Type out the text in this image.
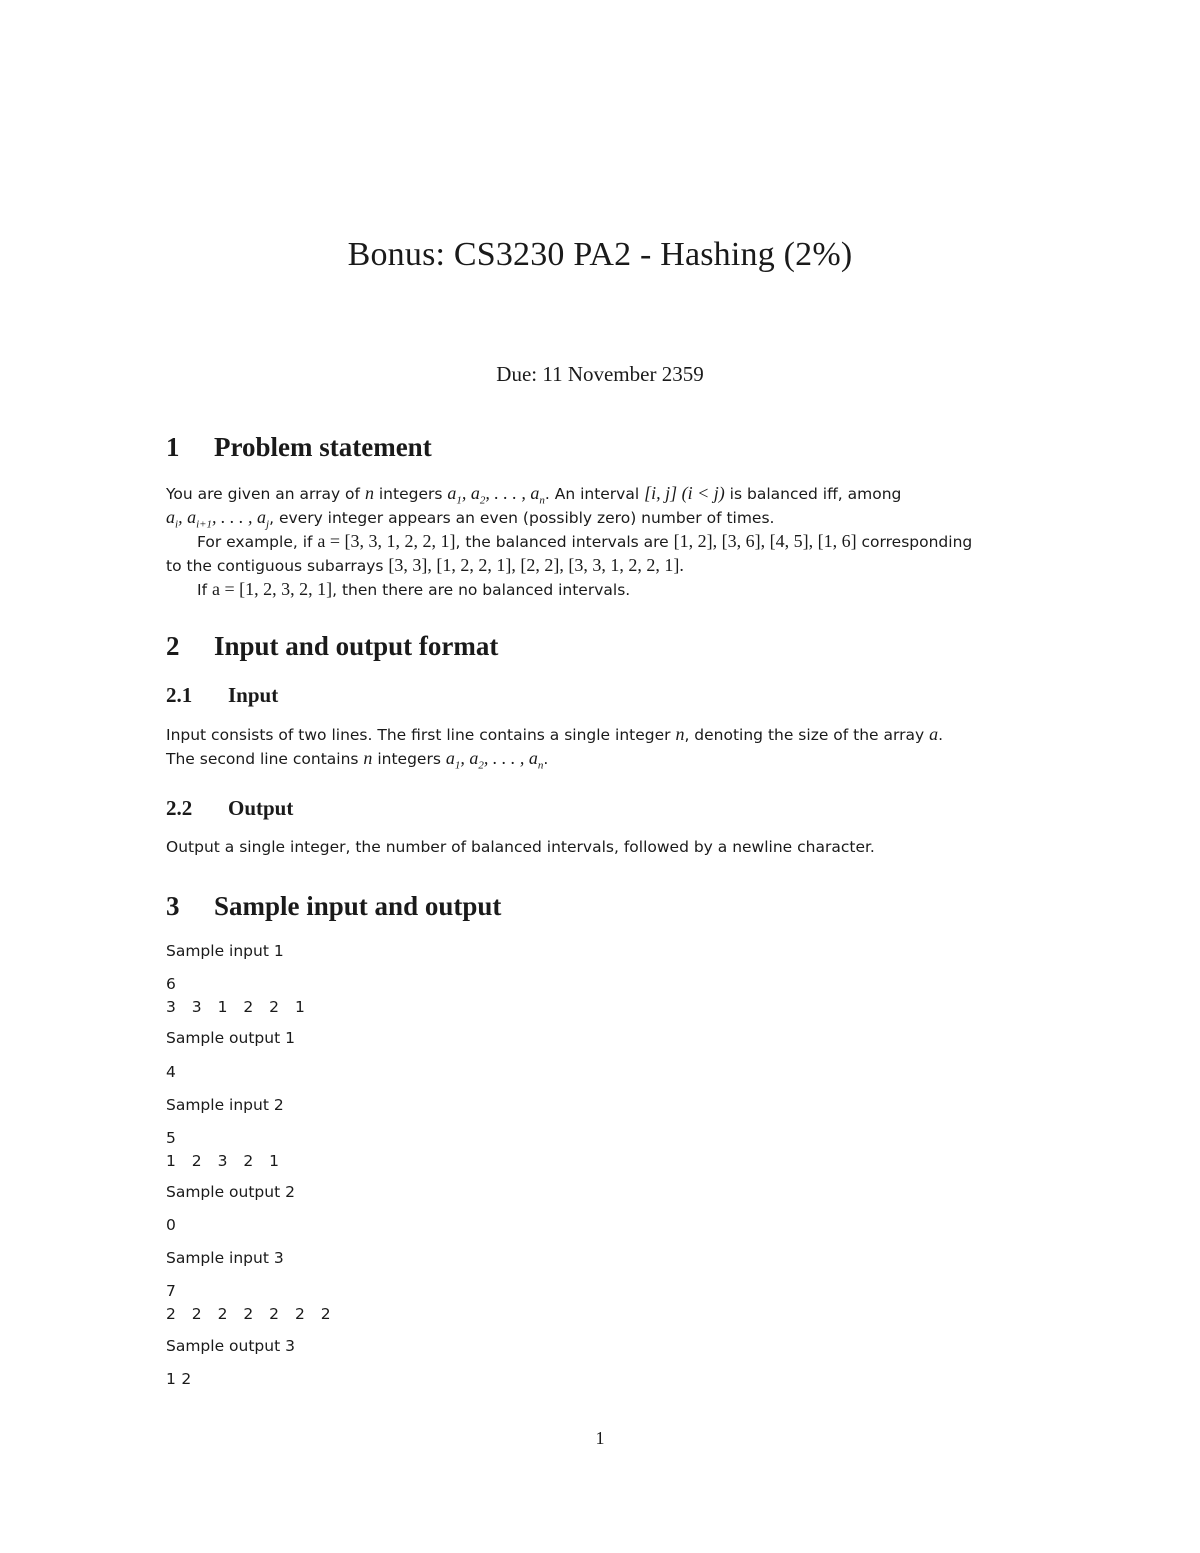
Bonus: CS3230 PA2 - Hashing (2%)
Due: 11 November 2359
1 Problem statement
You are given an array of n integers $a_1$, $a_2$, . . . , $a_n$. An interval [i, j] (i < j) is balanced iff, among
$a_i$, $a_{i+1}$, . . . , $a_j$, every integer appears an even (possibly zero) number of times.
For example, if a = [3, 3, 1, 2, 2, 1], the balanced intervals are [1, 2], [3, 6], [4, 5], [1, 6] corresponding
to the contiguous subarrays [3, 3], [1, 2, 2, 1], [2, 2], [3, 3, 1, 2, 2, 1].
If a = [1, 2, 3, 2, 1], then there are no balanced intervals.
2 Input and output format
2.1 Input
Input consists of two lines. The first line contains a single integer n, denoting the size of the array a.
The second line contains n integers $a_1$, $a_2$, . . . , $a_n$.
2.2 Output
Output a single integer, the number of balanced intervals, followed by a newline character.
3 Sample input and output
Sample input 1
6
3 3 1 2 2 1
Sample output 1
4
Sample input 2
5
1 2 3 2 1
Sample output 2
0
Sample input 3
7
2 2 2 2 2 2 2
Sample output 3
12
1
